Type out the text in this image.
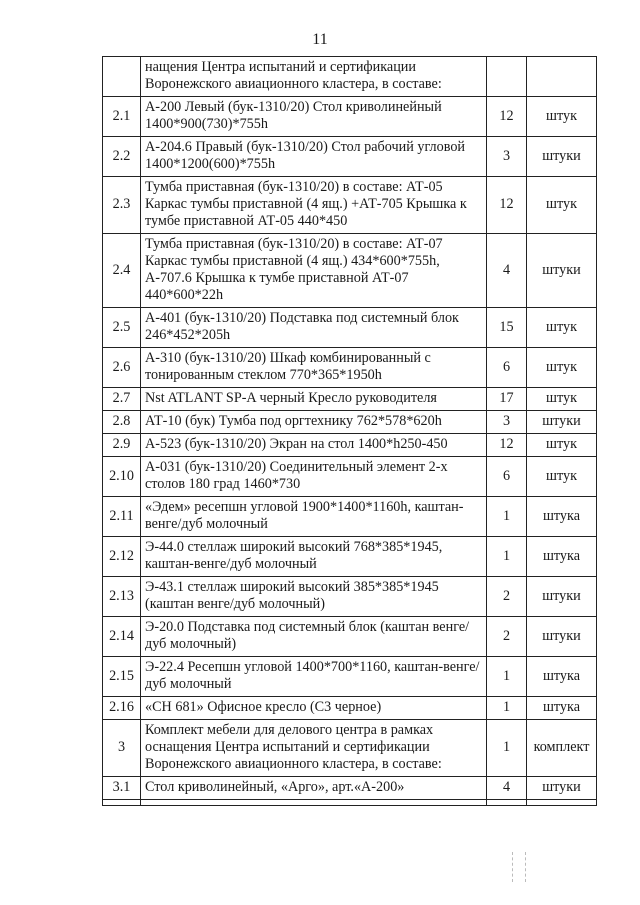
11
	нащения Центра испытаний и сертификации Воронежского авиационного кластера, в составе:		
2.1	А-200 Левый (бук-1310/20) Стол криволинейный 1400*900(730)*755h	12	штук
2.2	А-204.6 Правый (бук-1310/20) Стол рабочий угловой 1400*1200(600)*755h	3	штуки
2.3	Тумба приставная (бук-1310/20) в составе: АТ-05 Каркас тумбы приставной (4 ящ.) +АТ-705 Крышка к тумбе приставной АТ-05 440*450	12	штук
2.4	Тумба приставная (бук-1310/20) в составе: АТ-07 Каркас тумбы приставной (4 ящ.) 434*600*755h, А-707.6 Крышка к тумбе приставной АТ-07 440*600*22h	4	штуки
2.5	А-401 (бук-1310/20) Подставка под системный блок 246*452*205h	15	штук
2.6	А-310 (бук-1310/20) Шкаф комбинированный с тонированным стеклом 770*365*1950h	6	штук
2.7	Nst ATLANT SP-A черный Кресло руководителя	17	штук
2.8	АТ-10 (бук) Тумба под оргтехнику 762*578*620h	3	штуки
2.9	А-523 (бук-1310/20) Экран на стол 1400*h250-450	12	штук
2.10	А-031 (бук-1310/20) Соединительный элемент 2-х столов 180 град 1460*730	6	штук
2.11	«Эдем» ресепшн угловой 1900*1400*1160h, каштан-венге/дуб молочный	1	штука
2.12	Э-44.0 стеллаж широкий высокий 768*385*1945, каштан-венге/дуб молочный	1	штука
2.13	Э-43.1 стеллаж широкий высокий 385*385*1945 (каштан венге/дуб молочный)	2	штуки
2.14	Э-20.0 Подставка под системный блок (каштан венге/дуб молочный)	2	штуки
2.15	Э-22.4 Ресепшн угловой 1400*700*1160, каштан-венге/дуб молочный	1	штука
2.16	«CH 681» Офисное кресло (С3 черное)	1	штука
3	Комплект мебели для делового центра в рамках оснащения Центра испытаний и сертификации Воронежского авиационного кластера, в составе:	1	комплект
3.1	Стол криволинейный, «Арго», арт.«А-200»	4	штуки
